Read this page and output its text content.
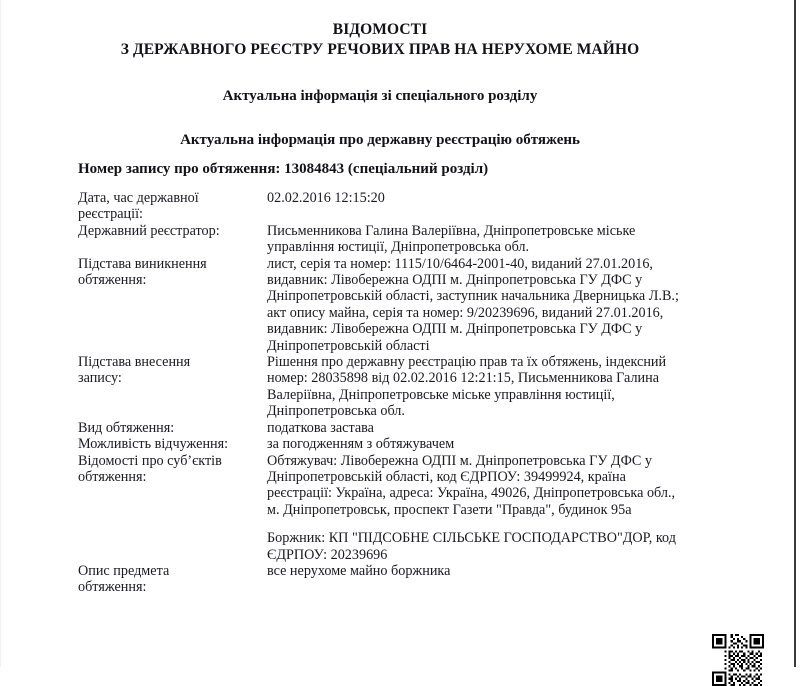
ВІДОМОСТІ
З ДЕРЖАВНОГО РЕЄСТРУ РЕЧОВИХ ПРАВ НА НЕРУХОМЕ МАЙНО
Актуальна інформація зі спеціального розділу
Актуальна інформація про державну реєстрацію обтяжень
Номер запису про обтяження: 13084843 (спеціальний розділ)
Дата, час державної
реєстрації:	02.02.2016 12:15:20

Державний реєстратор:	Письменникова Галина Валеріївна, Дніпропетровське міське
управління юстиції, Дніпропетровська обл.

Підстава виникнення
обтяження:

лист, серія та номер: 1115/10/6464-2001-40, виданий 27.01.2016,
видавник: Лівобережна ОДПІ м. Дніпропетровська ГУ ДФС у
Дніпропетровській області, заступник начальника Дверницька Л.В.;
акт опису майна, серія та номер: 9/20239696, виданий 27.01.2016,
видавник: Лівобережна ОДПІ м. Дніпропетровська ГУ ДФС у
Дніпропетровській області

Підстава внесення
запису:	Рішення про державну реєстрацію прав та їх обтяжень, індексний
номер: 28035898 від 02.02.2016 12:21:15, Письменникова Галина
Валеріївна, Дніпропетровське міське управління юстиції,
Дніпропетровська обл.

Вид обтяження:	податкова застава

Можливість відчуження:	за погодженням з обтяжувачем

Відомості про суб’єктів
обтяження:

Обтяжувач: Лівобережна ОДПІ м. Дніпропетровська ГУ ДФС у
Дніпропетровській області, код ЄДРПОУ: 39499924, країна
реєстрації: Україна, адреса: Україна, 49026, Дніпропетровська обл.,
м. Дніпропетровськ, проспект Газети "Правда", будинок 95а
Боржник: КП "ПІДСОБНЕ СІЛЬСЬКЕ ГОСПОДАРСТВО"ДОР, код
ЄДРПОУ: 20239696

Опис предмета
обтяження:	все нерухоме майно боржника
